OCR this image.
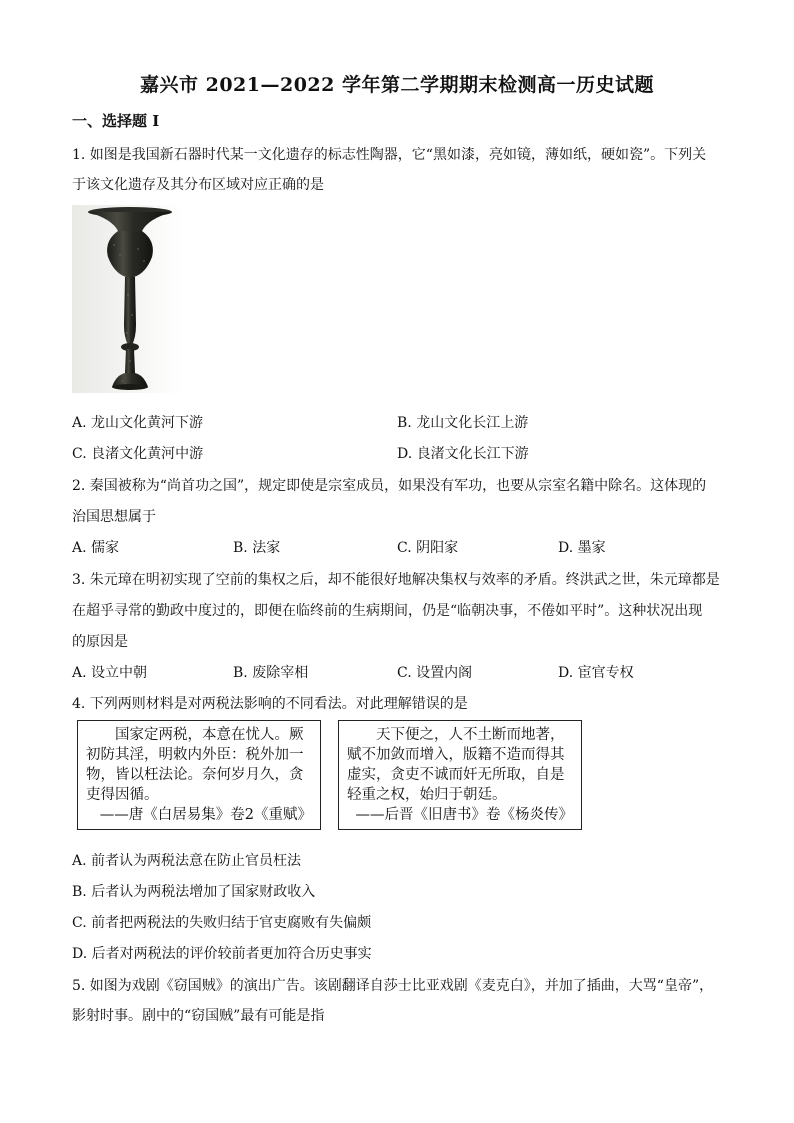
嘉兴市 2021—2022 学年第二学期期末检测高一历史试题
一、选择题 I
1. 如图是我国新石器时代某一文化遗存的标志性陶器，它“黑如漆，亮如镜，薄如纸，硬如瓷”。下列关
于该文化遗存及其分布区域对应正确的是
A. 龙山文化黄河下游	B. 龙山文化长江上游
C. 良渚文化黄河中游	D. 良渚文化长江下游
2. 秦国被称为“尚首功之国”，规定即使是宗室成员，如果没有军功，也要从宗室名籍中除名。这体现的
治国思想属于
A. 儒家	B. 法家	C. 阴阳家	D. 墨家
3. 朱元璋在明初实现了空前的集权之后，却不能很好地解决集权与效率的矛盾。终洪武之世，朱元璋都是
在超乎寻常的勤政中度过的，即便在临终前的生病期间，仍是“临朝决事，不倦如平时”。这种状况出现
的原因是
A. 设立中朝	B. 废除宰相	C. 设置内阁	D. 宦官专权
4. 下列两则材料是对两税法影响的不同看法。对此理解错误的是

国家定两税，本意在忧人。厥初防其淫，明敕内外臣：税外加一物，皆以枉法论。奈何岁月久，贪吏得因循。

——唐《白居易集》卷2《重赋》

天下便之，人不土断而地著，赋不加敛而增入，版籍不造而得其虚实，贪吏不诚而奸无所取，自是轻重之权，始归于朝廷。

——后晋《旧唐书》卷《杨炎传》

A. 前者认为两税法意在防止官员枉法
B. 后者认为两税法增加了国家财政收入
C. 前者把两税法的失败归结于官吏腐败有失偏颇
D. 后者对两税法的评价较前者更加符合历史事实
5. 如图为戏剧《窃国贼》的演出广告。该剧翻译自莎士比亚戏剧《麦克白》，并加了插曲，大骂“皇帝”，
影射时事。剧中的“窃国贼”最有可能是指
